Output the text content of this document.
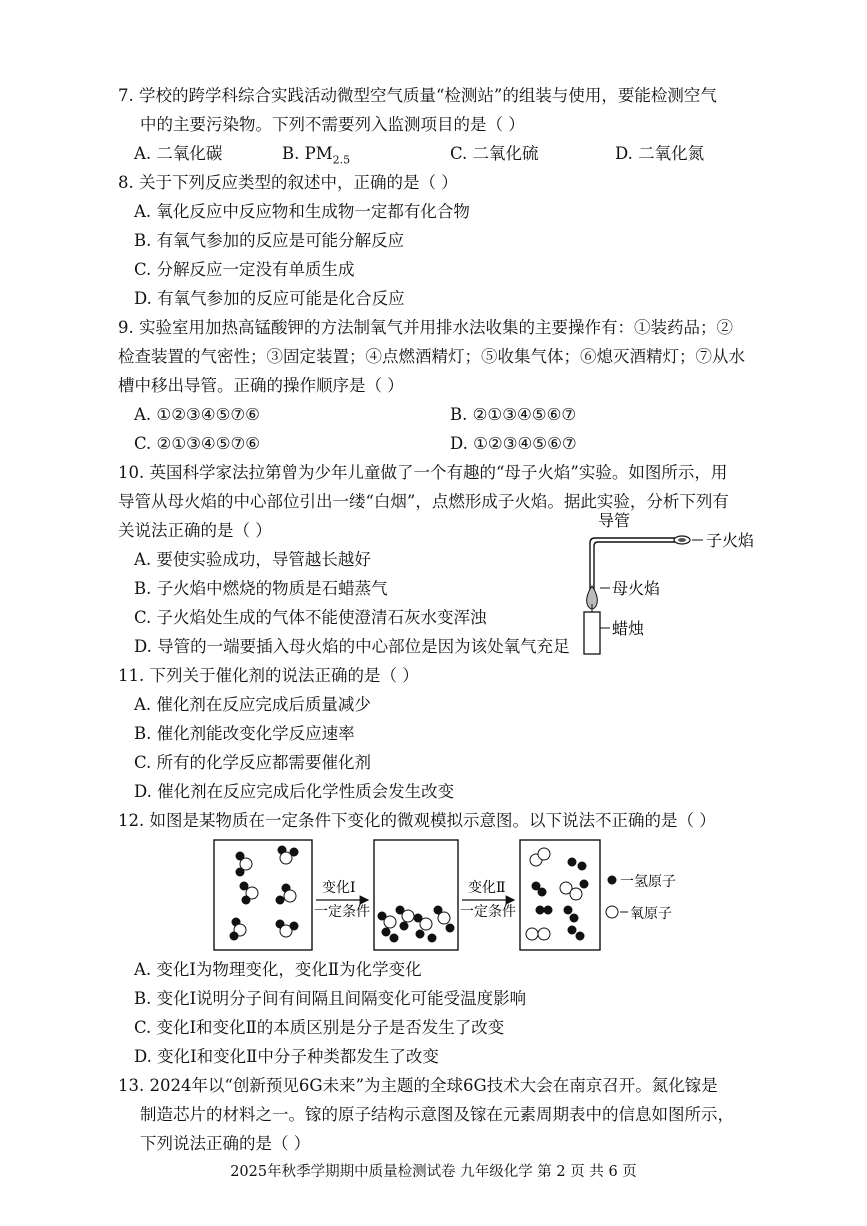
7. 学校的跨学科综合实践活动微型空气质量“检测站”的组装与使用，要能检测空气
中的主要污染物。下列不需要列入监测项目的是（ ）
A. 二氧化碳	B. $PM_{2.5}$	C. 二氧化硫	D. 二氧化氮
8. 关于下列反应类型的叙述中，正确的是（ ）
A. 氧化反应中反应物和生成物一定都有化合物
B. 有氧气参加的反应是可能分解反应
C. 分解反应一定没有单质生成
D. 有氧气参加的反应可能是化合反应
9. 实验室用加热高锰酸钾的方法制氧气并用排水法收集的主要操作有：①装药品；②
检查装置的气密性；③固定装置；④点燃酒精灯；⑤收集气体；⑥熄灭酒精灯；⑦从水
槽中移出导管。正确的操作顺序是（ ）
A. ①②③④⑤⑦⑥	B. ②①③④⑤⑥⑦
C. ②①③④⑤⑦⑥	D. ①②③④⑤⑥⑦
10. 英国科学家法拉第曾为少年儿童做了一个有趣的“母子火焰”实验。如图所示，用
导管从母火焰的中心部位引出一缕“白烟”，点燃形成子火焰。据此实验，分析下列有
关说法正确的是（ ）
A. 要使实验成功，导管越长越好
B. 子火焰中燃烧的物质是石蜡蒸气
C. 子火焰处生成的气体不能使澄清石灰水变浑浊
D. 导管的一端要插入母火焰的中心部位是因为该处氧气充足
子火焰
导管
母火焰
蜡烛
11. 下列关于催化剂的说法正确的是（ ）
A. 催化剂在反应完成后质量减少
B. 催化剂能改变化学反应速率
C. 所有的化学反应都需要催化剂
D. 催化剂在反应完成后化学性质会发生改变
12. 如图是某物质在一定条件下变化的微观模拟示意图。以下说法不正确的是（ ）
变化Ⅰ
一定条件
变化Ⅱ
一定条件
一氢原子
氧原子
A. 变化Ⅰ为物理变化，变化Ⅱ为化学变化
B. 变化Ⅰ说明分子间有间隔且间隔变化可能受温度影响
C. 变化Ⅰ和变化Ⅱ的本质区别是分子是否发生了改变
D. 变化Ⅰ和变化Ⅱ中分子种类都发生了改变
13. 2024年以“创新预见6G未来”为主题的全球6G技术大会在南京召开。氮化镓是
制造芯片的材料之一。镓的原子结构示意图及镓在元素周期表中的信息如图所示，
下列说法正确的是（ ）
2025年秋季学期期中质量检测试卷 九年级化学 第 2 页 共 6 页
